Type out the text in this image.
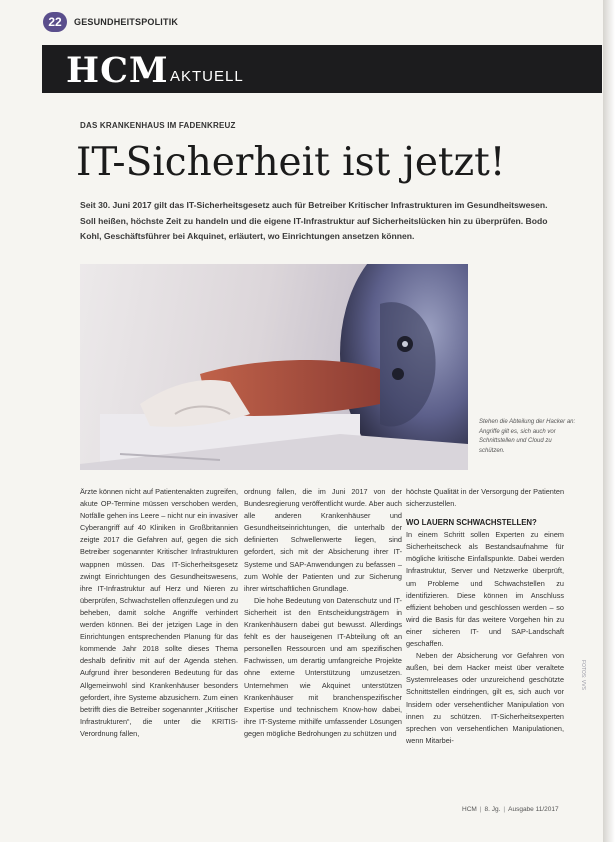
22	GESUNDHEITSPOLITIK
HCM AKTUELL
DAS KRANKENHAUS IM FADENKREUZ
IT-Sicherheit ist jetzt!
Seit 30. Juni 2017 gilt das IT-Sicherheitsgesetz auch für Betreiber Kritischer Infrastrukturen im Gesundheitswesen. Soll heißen, höchste Zeit zu handeln und die eigene IT-Infrastruktur auf Sicherheitslücken hin zu überprüfen. Bodo Kohl, Geschäftsführer bei Akquinet, erläutert, wo Einrichtungen ansetzen können.
Stehen die Abteilung der Hacker an: Angriffe gilt es, sich auch vor Schnittstellen und Cloud zu schützen.

Ärzte können nicht auf Patientenakten zugreifen, akute OP-Termine müssen verschoben werden, Notfälle gehen ins Leere – nicht nur ein invasiver Cyberangriff auf 40 Kliniken in Großbritannien zeigte 2017 die Gefahren auf, gegen die sich Betreiber sogenannter Kritischer Infrastrukturen wappnen müssen. Das IT-Sicherheitsgesetz zwingt Einrichtungen des Gesundheitswesens, ihre IT-Infrastruktur auf Herz und Nieren zu überprüfen, Schwachstellen offenzulegen und zu beheben, damit solche Angriffe verhindert werden können. Bei der jetzigen Lage in den Einrichtungen entsprechenden Planung für das kommende Jahr 2018 sollte dieses Thema deshalb definitiv mit auf der Agenda stehen. Aufgrund ihrer besonderen Bedeutung für das Allgemeinwohl sind Krankenhäuser besonders gefordert, ihre Systeme abzusichern. Zum einen betrifft dies die Betreiber sogenannter „Kritischer Infrastrukturen“, die unter die KRITIS-Verordnung fallen,

ordnung fallen, die im Juni 2017 von der Bundesregierung veröffentlicht wurde. Aber auch alle anderen Krankenhäuser und Gesundheitseinrichtungen, die unterhalb der definierten Schwellenwerte liegen, sind gefordert, sich mit der Absicherung ihrer IT-Systeme und SAP-Anwendungen zu befassen – zum Wohle der Patienten und zur Sicherung ihrer wirtschaftlichen Grundlage.

Die hohe Bedeutung von Datenschutz und IT-Sicherheit ist den Entscheidungsträgern in Krankenhäusern dabei gut bewusst. Allerdings fehlt es der hauseigenen IT-Abteilung oft an personellen Ressourcen und am spezifischen Fachwissen, um derartig umfangreiche Projekte ohne externe Unterstützung umzusetzen. Unternehmen wie Akquinet unterstützen Krankenhäuser mit branchenspezifischer Expertise und technischem Know-how dabei, ihre IT-Systeme mithilfe umfassender Lösungen gegen mögliche Bedrohungen zu schützen und

höchste Qualität in der Versorgung der Patienten sicherzustellen.

WO LAUERN SCHWACHSTELLEN?

In einem Schritt sollen Experten zu einem Sicherheitscheck als Bestandsaufnahme für mögliche kritische Einfallspunkte. Dabei werden Infrastruktur, Server und Netzwerke überprüft, um Probleme und Schwachstellen zu identifizieren. Diese können im Anschluss effizient behoben und geschlossen werden – so wird die Basis für das weitere Vorgehen hin zu einer sicheren IT- und SAP-Landschaft geschaffen.

Neben der Absicherung vor Gefahren von außen, bei dem Hacker meist über veraltete Systemreleases oder unzureichend geschützte Schnittstellen eindringen, gilt es, sich auch vor Insidern oder versehentlicher Manipulation von innen zu schützen. IT-Sicherheitsexperten sprechen von versehentlichen Manipulationen, wenn Mitarbei-

FOTOS: VVS
HCM | 8. Jg. | Ausgabe 11/2017
